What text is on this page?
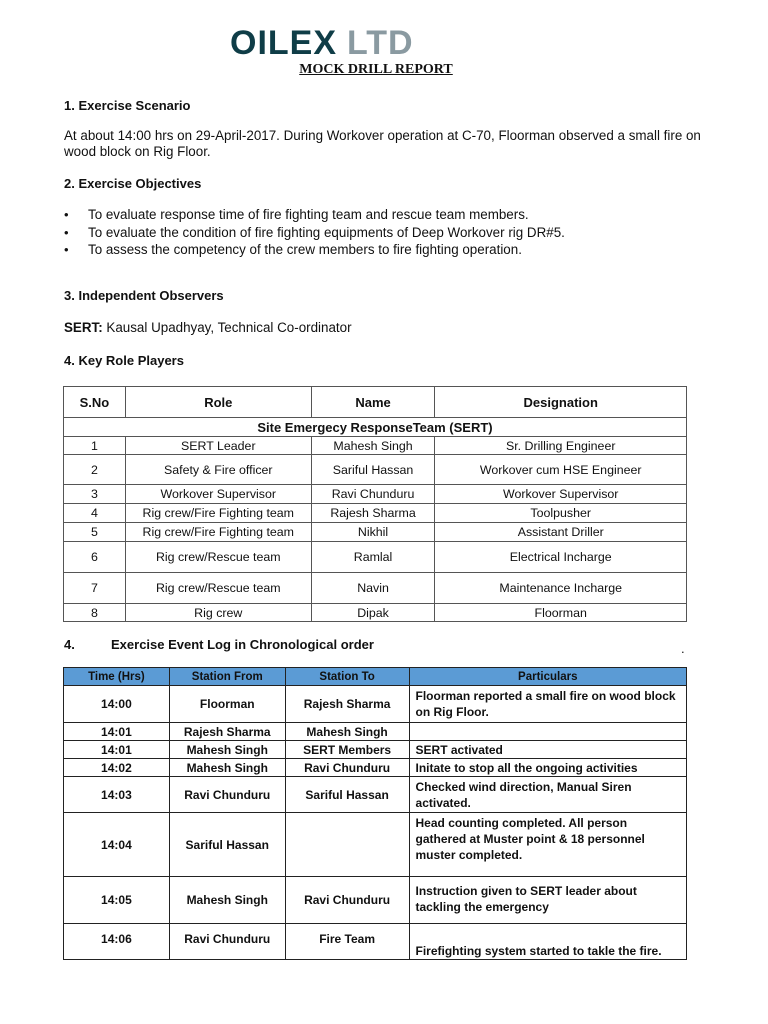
OILEX LTD
MOCK DRILL REPORT
1. Exercise Scenario
At about 14:00 hrs on 29-April-2017. During Workover operation at C-70, Floorman observed a small fire on wood block on Rig Floor.
2. Exercise Objectives
• To evaluate response time of fire fighting team and rescue team members.
• To evaluate the condition of fire fighting equipments of Deep Workover rig DR#5.
• To assess the competency of the crew members to fire fighting operation.
3. Independent Observers
SERT: Kausal Upadhyay, Technical Co-ordinator
4. Key Role Players
S.No	Role	Name	Designation
Site Emergecy ResponseTeam (SERT)			
1	SERT Leader	Mahesh Singh	Sr. Drilling Engineer
2	Safety & Fire officer	Sariful Hassan	Workover cum HSE Engineer
3	Workover Supervisor	Ravi Chunduru	Workover Supervisor
4	Rig crew/Fire Fighting team	Rajesh Sharma	Toolpusher
5	Rig crew/Fire Fighting team	Nikhil	Assistant Driller
6	Rig crew/Rescue team	Ramlal	Electrical Incharge
7	Rig crew/Rescue team	Navin	Maintenance Incharge
8	Rig crew	Dipak	Floorman
4.	Exercise Event Log in Chronological order	.
Time (Hrs)	Station From	Station To	Particulars
14:00	Floorman	Rajesh Sharma	Floorman reported a small fire on wood block on Rig Floor.
14:01	Rajesh Sharma	Mahesh Singh	
14:01	Mahesh Singh	SERT Members	SERT activated
14:02	Mahesh Singh	Ravi Chunduru	Initate to stop all the ongoing activities
14:03	Ravi Chunduru	Sariful Hassan	Checked wind direction, Manual Siren activated.
14:04	Sariful Hassan		Head counting completed. All person gathered at Muster point & 18 personnel muster completed.
14:05	Mahesh Singh	Ravi Chunduru	Instruction given to SERT leader about tackling the emergency
14:06	Ravi Chunduru	Fire Team	Firefighting system started to takle the fire.
